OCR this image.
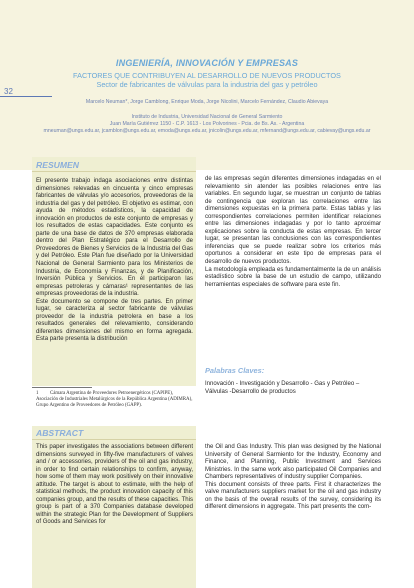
32
INGENIERÍA, INNOVACIÓN Y EMPRESAS
FACTORES QUE CONTRIBUYEN AL DESARROLLO DE NUEVOS PRODUCTOS
Sector de fabricantes de válvulas para la industria del gas y petróleo
Marcelo Neuman*, Jorge Camblong, Enrique Moda, Jorge Nicolini, Marcelo Fernández, Claudio Abievaya
Instituto de Industria, Universidad Nacional de General Sarmiento
Juan María Gutiérrez 1150 - C.P. 1613 - Los Polvorines - Pcia. de Bs. As. - Argentina
mneuman@ungs.edu.ar, jcamblon@ungs.edu.ar, emoda@ungs.edu.ar, jnicolin@ungs.edu.ar, mfernand@ungs.edu.ar, cabievay@ungs.edu.ar
RESUMEN

El presente trabajo indaga asociaciones entre distintas dimensiones relevadas en cincuenta y cinco empresas fabricantes de válvulas y/o accesorios, proveedoras de la industria del gas y del petróleo. El objetivo es estimar, con ayuda de métodos estadísticos, la capacidad de innovación en productos de este conjunto de empresas y los resultados de estas capacidades. Este conjunto es parte de una base de datos de 370 empresas elaborada dentro del Plan Estratégico para el Desarrollo de Proveedores de Bienes y Servicios de la Industria del Gas y del Petróleo. Este Plan fue diseñado por la Universidad Nacional de General Sarmiento para los Ministerios de Industria, de Economía y Finanzas, y de Planificación, Inversión Pública y Servicios. En él participaron las empresas petroleras y cámaras¹ representantes de las empresas proveedoras de la industria.

Este documento se compone de tres partes. En primer lugar, se caracteriza al sector fabricante de válvulas proveedor de la industria petrolera en base a los resultados generales del relevamiento, considerando diferentes dimensiones del mismo en forma agregada. Esta parte presenta la distribución

de las empresas según diferentes dimensiones indagadas en el relevamiento sin atender las posibles relaciones entre las variables. En segundo lugar, se muestran un conjunto de tablas de contingencia que exploran las correlaciones entre las dimensiones expuestas en la primera parte. Estas tablas y las correspondientes correlaciones permiten identificar relaciones entre las dimensiones indagadas y por lo tanto aproximar explicaciones sobre la conducta de estas empresas. En tercer lugar, se presentan las conclusiones con las correspondientes inferencias que se puede realizar sobre los criterios más oportunos a considerar en este tipo de empresas para el desarrollo de nuevos productos.

La metodología empleada es fundamentalmente la de un análisis estadístico sobre la base de un estudio de campo, utilizando herramientas especiales de software para este fin.

Palabras Claves:
Innovación - Investigación y Desarrollo - Gas y Petróleo – Válvulas -Desarrollo de productos
1 Cámara Argentina de Proveedores Petroenergéticos (CAPIPE), Asociación de Industriales Metalúrgicos de la República Argentina (ADIMRA), Grupo Argentino de Proveedores de Petróleo (GAPP).
ABSTRACT

This paper investigates the associations between different dimensions surveyed in fifty-five manufacturers of valves and / or accessories, providers of the oil and gas industry, in order to find certain relationships to confirm, anyway, how some of them may work positively on their innovative attitude. The target is about to estimate, with the help of statistical methods, the product innovation capacity of this companies group, and the results of these capacities. This group is part of a 370 Companies database developed within the strategic Plan for the Development of Suppliers of Goods and Services for

the Oil and Gas Industry. This plan was designed by the National University of General Sarmiento for the Industry, Economy and Finance, and Planning, Public Investment and Services Ministries. In the same work also participated Oil Companies and Chambers representatives of industry supplier Companies.

This document consists of three parts. First it characterizes the valve manufacturers suppliers market for the oil and gas industry on the basis of the overall results of the survey, considering its different dimensions in aggregate. This part presents the com-
